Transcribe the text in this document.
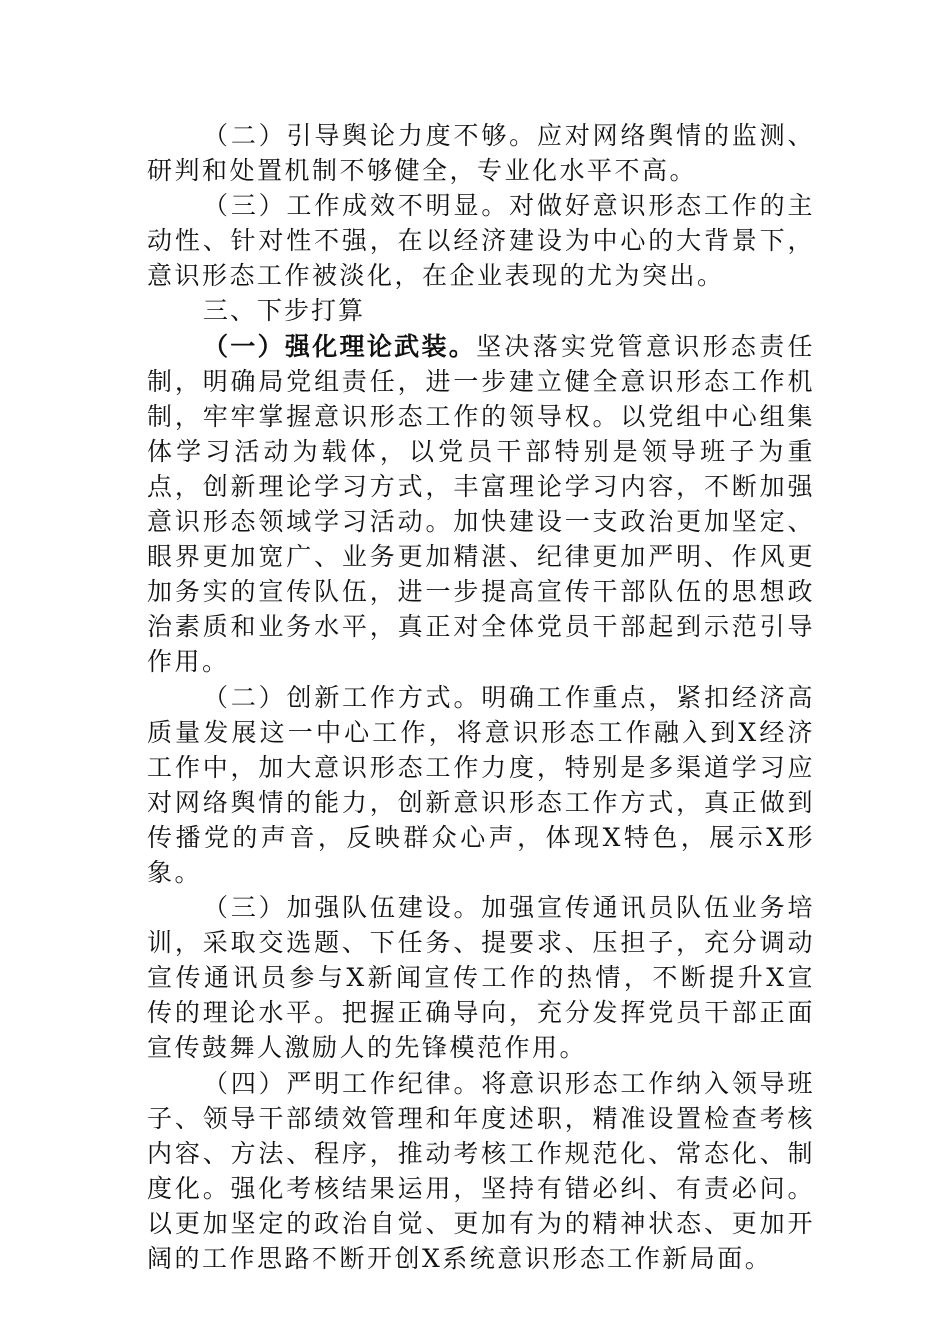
（二）引导舆论力度不够。应对网络舆情的监测、研判和处置机制不够健全，专业化水平不高。

（三）工作成效不明显。对做好意识形态工作的主动性、针对性不强，在以经济建设为中心的大背景下，意识形态工作被淡化，在企业表现的尤为突出。

三、下步打算

（一）强化理论武装。坚决落实党管意识形态责任制，明确局党组责任，进一步建立健全意识形态工作机制，牢牢掌握意识形态工作的领导权。以党组中心组集体学习活动为载体，以党员干部特别是领导班子为重点，创新理论学习方式，丰富理论学习内容，不断加强意识形态领域学习活动。加快建设一支政治更加坚定、眼界更加宽广、业务更加精湛、纪律更加严明、作风更加务实的宣传队伍，进一步提高宣传干部队伍的思想政治素质和业务水平，真正对全体党员干部起到示范引导作用。

（二）创新工作方式。明确工作重点，紧扣经济高质量发展这一中心工作，将意识形态工作融入到X经济工作中，加大意识形态工作力度，特别是多渠道学习应对网络舆情的能力，创新意识形态工作方式，真正做到传播党的声音，反映群众心声，体现X特色，展示X形象。

（三）加强队伍建设。加强宣传通讯员队伍业务培训，采取交选题、下任务、提要求、压担子，充分调动宣传通讯员参与X新闻宣传工作的热情，不断提升X宣传的理论水平。把握正确导向，充分发挥党员干部正面宣传鼓舞人激励人的先锋模范作用。

（四）严明工作纪律。将意识形态工作纳入领导班子、领导干部绩效管理和年度述职，精准设置检查考核内容、方法、程序，推动考核工作规范化、常态化、制度化。强化考核结果运用，坚持有错必纠、有责必问。以更加坚定的政治自觉、更加有为的精神状态、更加开阔的工作思路不断开创X系统意识形态工作新局面。
